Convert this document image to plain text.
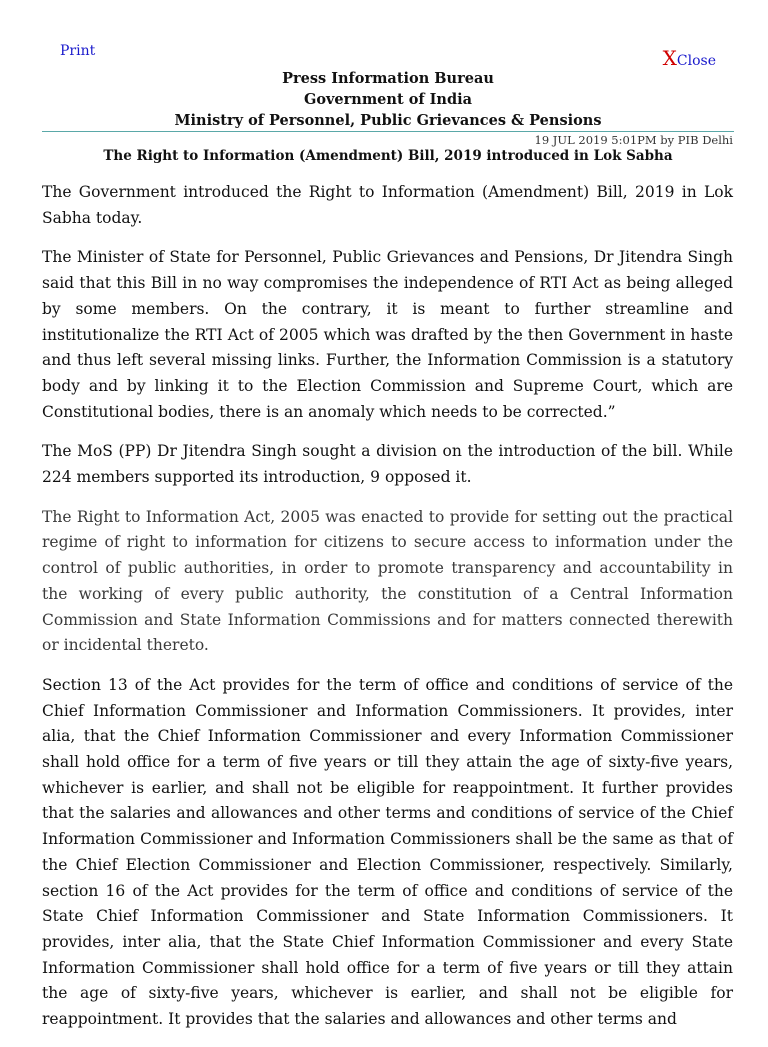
Print	XClose
Press Information Bureau
Government of India
Ministry of Personnel, Public Grievances & Pensions
19 JUL 2019 5:01PM by PIB Delhi
The Right to Information (Amendment) Bill, 2019 introduced in Lok Sabha

The Government introduced the Right to Information (Amendment) Bill, 2019 in Lok Sabha today.

The Minister of State for Personnel, Public Grievances and Pensions, Dr Jitendra Singh said that this Bill in no way compromises the independence of RTI Act as being alleged by some members. On the contrary, it is meant to further streamline and institutionalize the RTI Act of 2005 which was drafted by the then Government in haste and thus left several missing links. Further, the Information Commission is a statutory body and by linking it to the Election Commission and Supreme Court, which are Constitutional bodies, there is an anomaly which needs to be corrected.”

The MoS (PP) Dr Jitendra Singh sought a division on the introduction of the bill. While 224 members supported its introduction, 9 opposed it.

The Right to Information Act, 2005 was enacted to provide for setting out the practical regime of right to information for citizens to secure access to information under the control of public authorities, in order to promote transparency and accountability in the working of every public authority, the constitution of a Central Information Commission and State Information Commissions and for matters connected therewith or incidental thereto.

Section 13 of the Act provides for the term of office and conditions of service of the Chief Information Commissioner and Information Commissioners. It provides, inter alia, that the Chief Information Commissioner and every Information Commissioner shall hold office for a term of five years or till they attain the age of sixty-five years, whichever is earlier, and shall not be eligible for reappointment. It further provides that the salaries and allowances and other terms and conditions of service of the Chief Information Commissioner and Information Commissioners shall be the same as that of the Chief Election Commissioner and Election Commissioner, respectively. Similarly, section 16 of the Act provides for the term of office and conditions of service of the State Chief Information Commissioner and State Information Commissioners. It provides, inter alia, that the State Chief Information Commissioner and every State Information Commissioner shall hold office for a term of five years or till they attain the age of sixty-five years, whichever is earlier, and shall not be eligible for reappointment. It provides that the salaries and allowances and other terms and
